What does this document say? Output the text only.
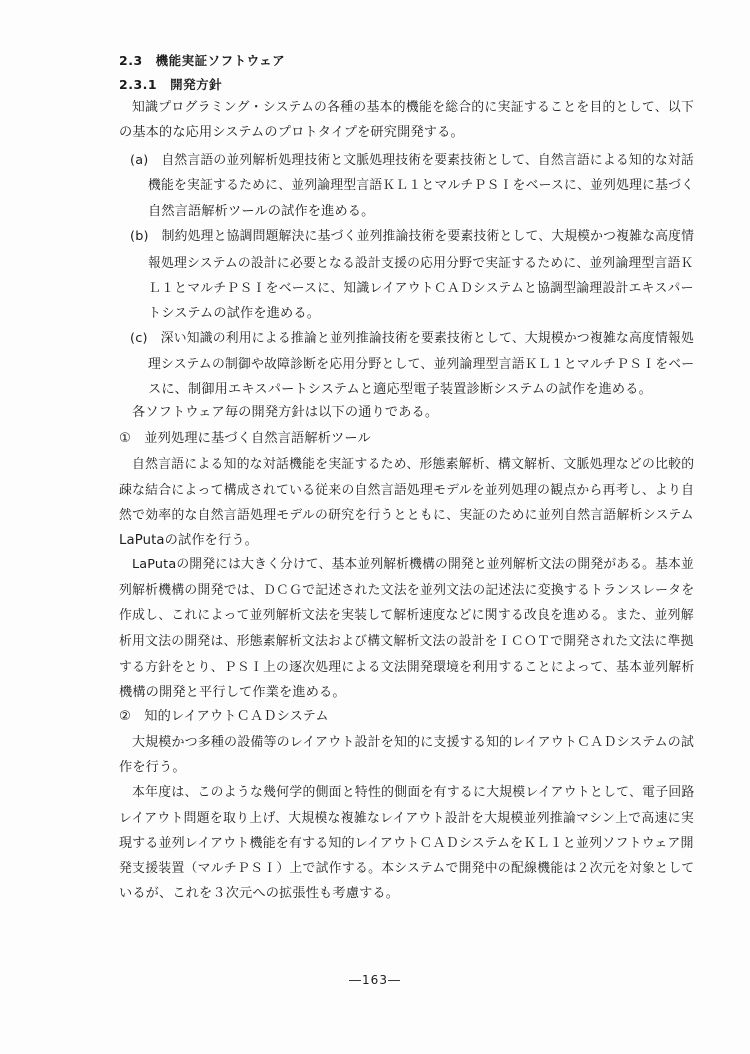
2.3　機能実証ソフトウェア
2.3.1　開発方針
知識プログラミング・システムの各種の基本的機能を総合的に実証することを目的として、以下
の基本的な応用システムのプロトタイプを研究開発する。
(a)　自然言語の並列解析処理技術と文脈処理技術を要素技術として、自然言語による知的な対話
機能を実証するために、並列論理型言語ＫＬ１とマルチＰＳＩをベースに、並列処理に基づく
自然言語解析ツールの試作を進める。
(b)　制約処理と協調問題解決に基づく並列推論技術を要素技術として、大規模かつ複雑な高度情
報処理システムの設計に必要となる設計支援の応用分野で実証するために、並列論理型言語Ｋ
Ｌ１とマルチＰＳＩをベースに、知識レイアウトＣＡＤシステムと協調型論理設計エキスパー
トシステムの試作を進める。
(c)　深い知識の利用による推論と並列推論技術を要素技術として、大規模かつ複雑な高度情報処
理システムの制御や故障診断を応用分野として、並列論理型言語ＫＬ１とマルチＰＳＩをベー
スに、制御用エキスパートシステムと適応型電子装置診断システムの試作を進める。
各ソフトウェア毎の開発方針は以下の通りである。
①　並列処理に基づく自然言語解析ツール
自然言語による知的な対話機能を実証するため、形態素解析、構文解析、文脈処理などの比較的
疎な結合によって構成されている従来の自然言語処理モデルを並列処理の観点から再考し、より自
然で効率的な自然言語処理モデルの研究を行うとともに、実証のために並列自然言語解析システム
LaPutaの試作を行う。
LaPutaの開発には大きく分けて、基本並列解析機構の開発と並列解析文法の開発がある。基本並
列解析機構の開発では、ＤＣＧで記述された文法を並列文法の記述法に変換するトランスレータを
作成し、これによって並列解析文法を実装して解析速度などに関する改良を進める。また、並列解
析用文法の開発は、形態素解析文法および構文解析文法の設計をＩＣＯＴで開発された文法に準拠
する方針をとり、ＰＳＩ上の逐次処理による文法開発環境を利用することによって、基本並列解析
機構の開発と平行して作業を進める。
②　知的レイアウトＣＡＤシステム
大規模かつ多種の設備等のレイアウト設計を知的に支援する知的レイアウトＣＡＤシステムの試
作を行う。
本年度は、このような幾何学的側面と特性的側面を有するに大規模レイアウトとして、電子回路
レイアウト問題を取り上げ、大規模な複雑なレイアウト設計を大規模並列推論マシン上で高速に実
現する並列レイアウト機能を有する知的レイアウトＣＡＤシステムをＫＬ１と並列ソフトウェア開
発支援装置（マルチＰＳＩ）上で試作する。本システムで開発中の配線機能は２次元を対象として
いるが、これを３次元への拡張性も考慮する。
―163―
